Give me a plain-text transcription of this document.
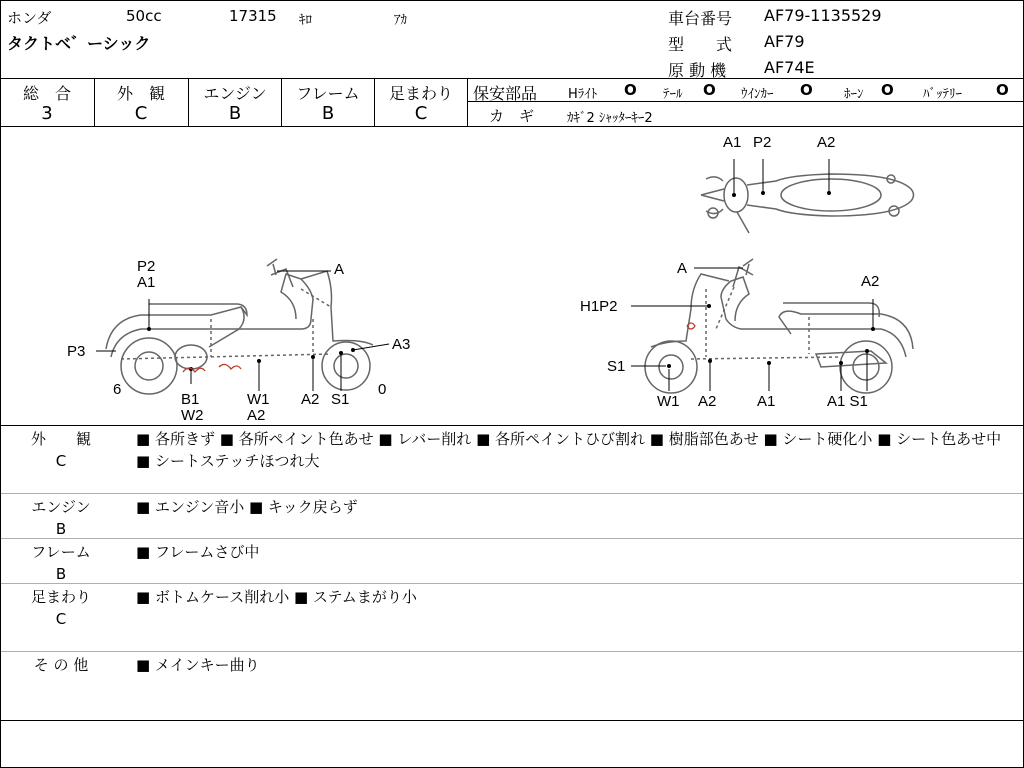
ホンダ	50cc	17315 ｷﾛ	ｱｶ
タクトベ゛ーシック
車台番号 AF79-1135529
型　　式 AF79
原 動 機 AF74E
総　合
3
外　観
C
エンジン
B
フレーム
B
足まわり
C
保安部品 Hﾗｲﾄ O ﾃｰﾙ O ｳｲﾝｶｰ O ﾎｰﾝ O ﾊﾞｯﾃﾘｰ O
カ　ギ	ｶｷﾞ2 ｼｬｯﾀｰｷｰ2
A1 P2	A2
P2
A1
A
P3	A3
6	0
B1
W2
W1
A2
A2 S1
A
A2
H1P2
S1
W1 A2	A1	A1 S1
外　　観
C
■ 各所きず ■ 各所ペイント色あせ ■ レバー削れ ■ 各所ペイントひび割れ ■ 樹脂部色あせ ■ シート硬化小 ■ シート色あせ中 ■ シートステッチほつれ大
エンジン
B
■ エンジン音小 ■ キック戻らず
フレーム
B
■ フレームさび中
足まわり
C
■ ボトムケース削れ小 ■ ステムまがり小
そ の 他	■ メインキー曲り
